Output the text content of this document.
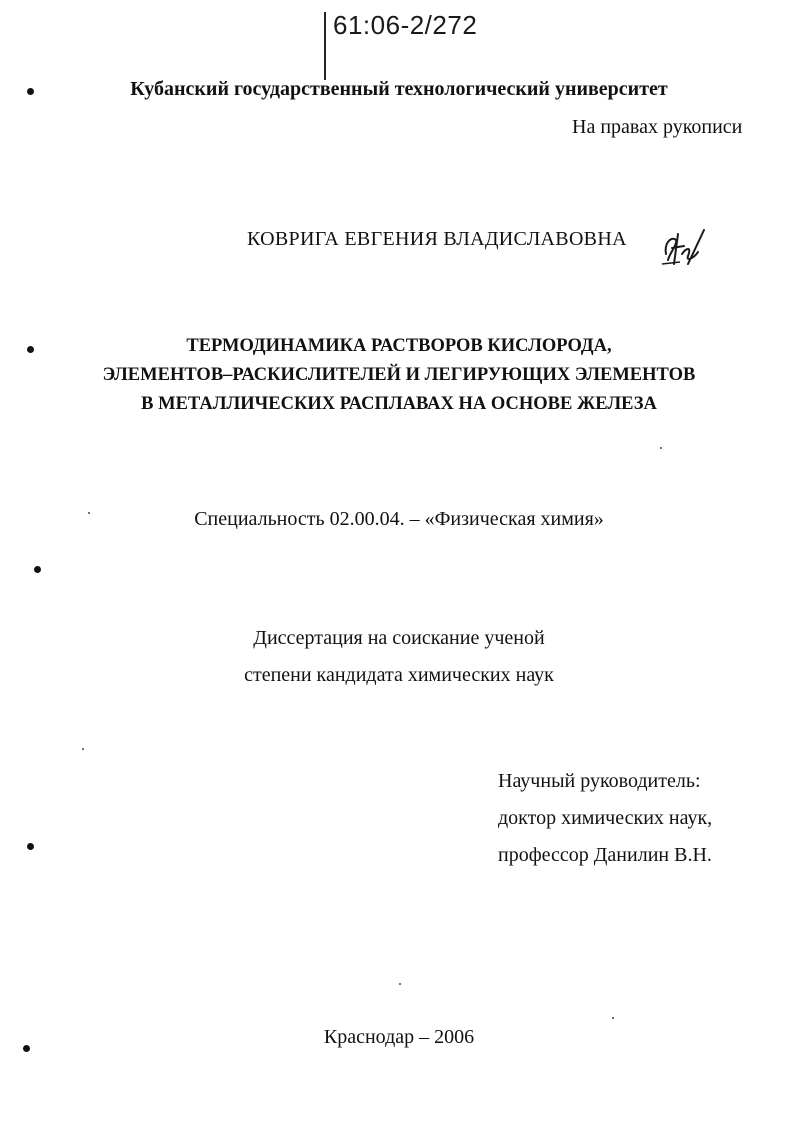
61:06-2/272
Кубанский государственный технологический университет
На правах рукописи
КОВРИГА ЕВГЕНИЯ ВЛАДИСЛАВОВНА
ТЕРМОДИНАМИКА РАСТВОРОВ КИСЛОРОДА,
ЭЛЕМЕНТОВ–РАСКИСЛИТЕЛЕЙ И ЛЕГИРУЮЩИХ ЭЛЕМЕНТОВ
В МЕТАЛЛИЧЕСКИХ РАСПЛАВАХ НА ОСНОВЕ ЖЕЛЕЗА
Специальность 02.00.04. – «Физическая химия»
Диссертация на соискание ученой
степени кандидата химических наук
Научный руководитель:
доктор химических наук,
профессор Данилин В.Н.
Краснодар – 2006
